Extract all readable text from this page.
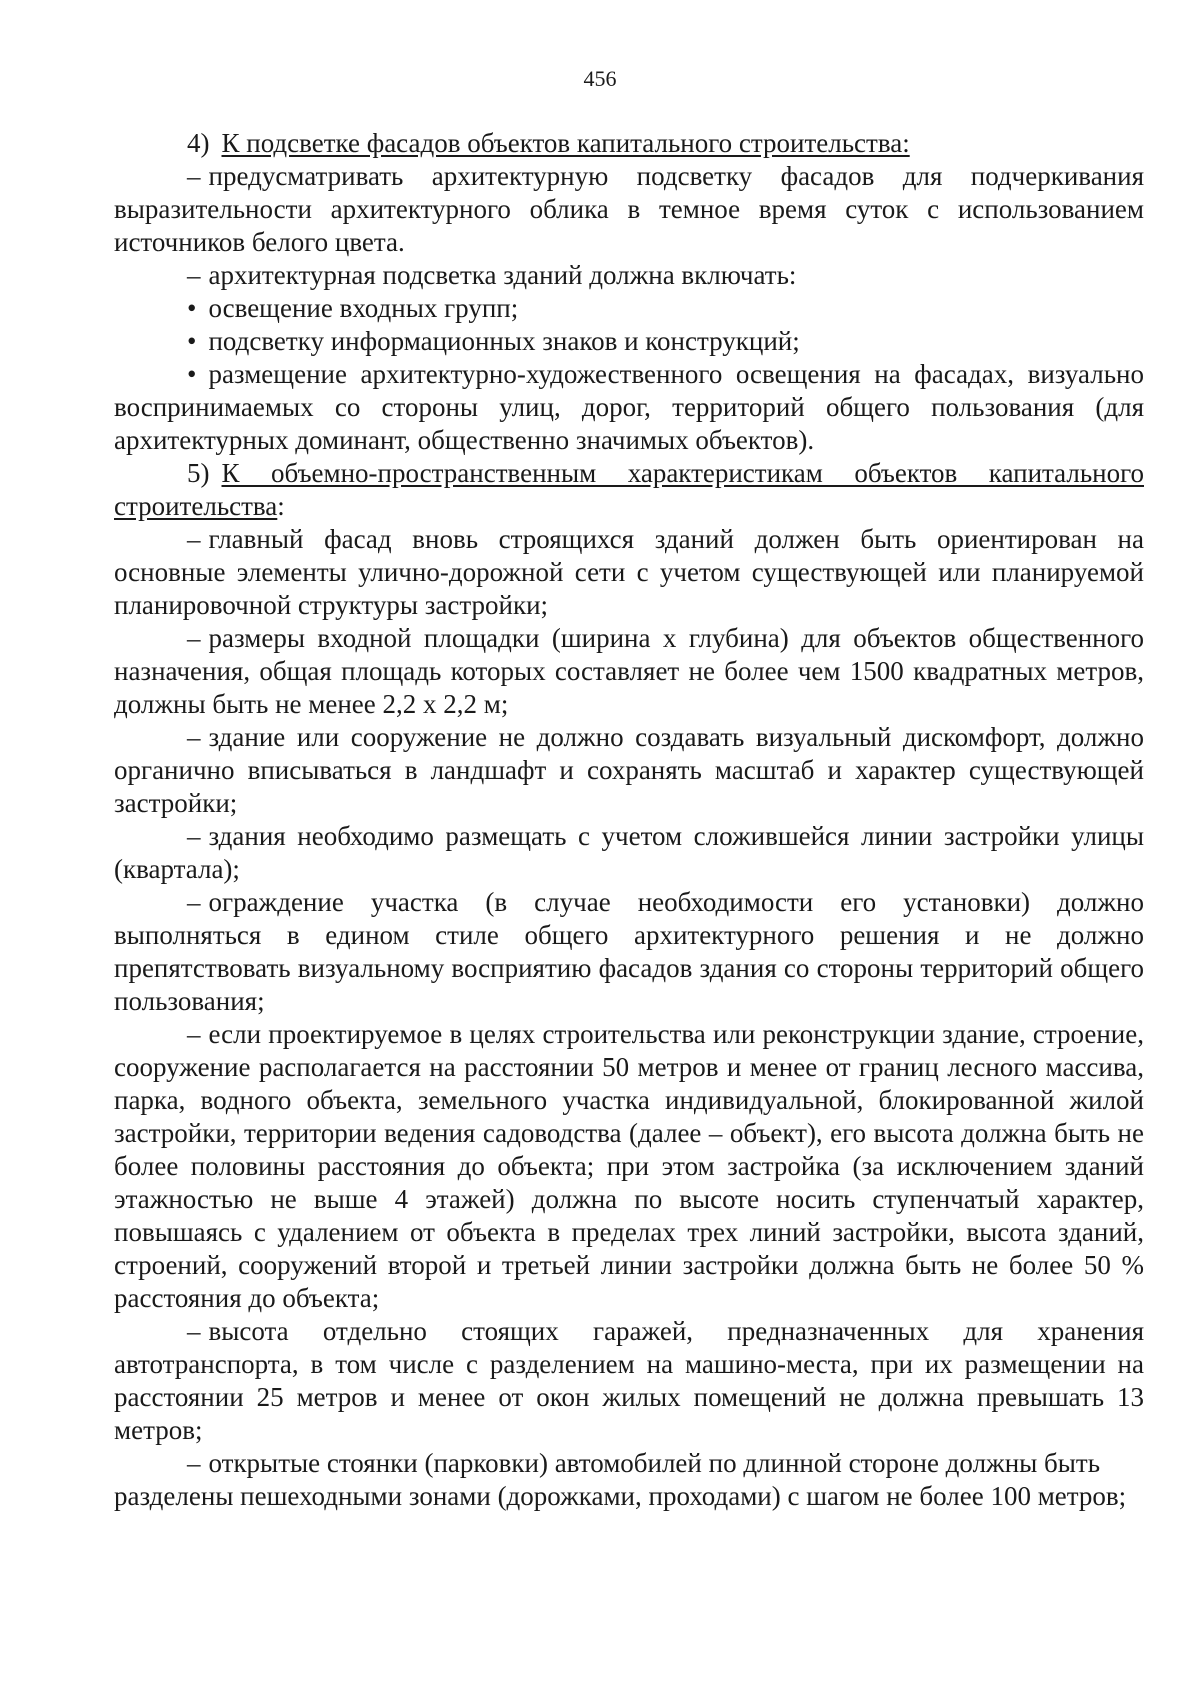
456

4) К подсветке фасадов объектов капитального строительства:

– предусматривать архитектурную подсветку фасадов для подчеркивания выразительности архитектурного облика в темное время суток с использованием источников белого цвета.

– архитектурная подсветка зданий должна включать:

• освещение входных групп;

• подсветку информационных знаков и конструкций;

• размещение архитектурно-художественного освещения на фасадах, визуально воспринимаемых со стороны улиц, дорог, территорий общего пользования (для архитектурных доминант, общественно значимых объектов).

5) К объемно-пространственным характеристикам объектов капитального строительства:

– главный фасад вновь строящихся зданий должен быть ориентирован на основные элементы улично-дорожной сети с учетом существующей или планируемой планировочной структуры застройки;

– размеры входной площадки (ширина х глубина) для объектов общественного назначения, общая площадь которых составляет не более чем 1500 квадратных метров, должны быть не менее 2,2 х 2,2 м;

– здание или сооружение не должно создавать визуальный дискомфорт, должно органично вписываться в ландшафт и сохранять масштаб и характер существующей застройки;

– здания необходимо размещать с учетом сложившейся линии застройки улицы (квартала);

– ограждение участка (в случае необходимости его установки) должно выполняться в едином стиле общего архитектурного решения и не должно препятствовать визуальному восприятию фасадов здания со стороны территорий общего пользования;

– если проектируемое в целях строительства или реконструкции здание, строение, сооружение располагается на расстоянии 50 метров и менее от границ лесного массива, парка, водного объекта, земельного участка индивидуальной, блокированной жилой застройки, территории ведения садоводства (далее – объект), его высота должна быть не более половины расстояния до объекта; при этом застройка (за исключением зданий этажностью не выше 4 этажей) должна по высоте носить ступенчатый характер, повышаясь с удалением от объекта в пределах трех линий застройки, высота зданий, строений, сооружений второй и третьей линии застройки должна быть не более 50 % расстояния до объекта;

– высота отдельно стоящих гаражей, предназначенных для хранения автотранспорта, в том числе с разделением на машино-места, при их размещении на расстоянии 25 метров и менее от окон жилых помещений не должна превышать 13 метров;

– открытые стоянки (парковки) автомобилей по длинной стороне должны быть разделены пешеходными зонами (дорожками, проходами) с шагом не более 100 метров;
